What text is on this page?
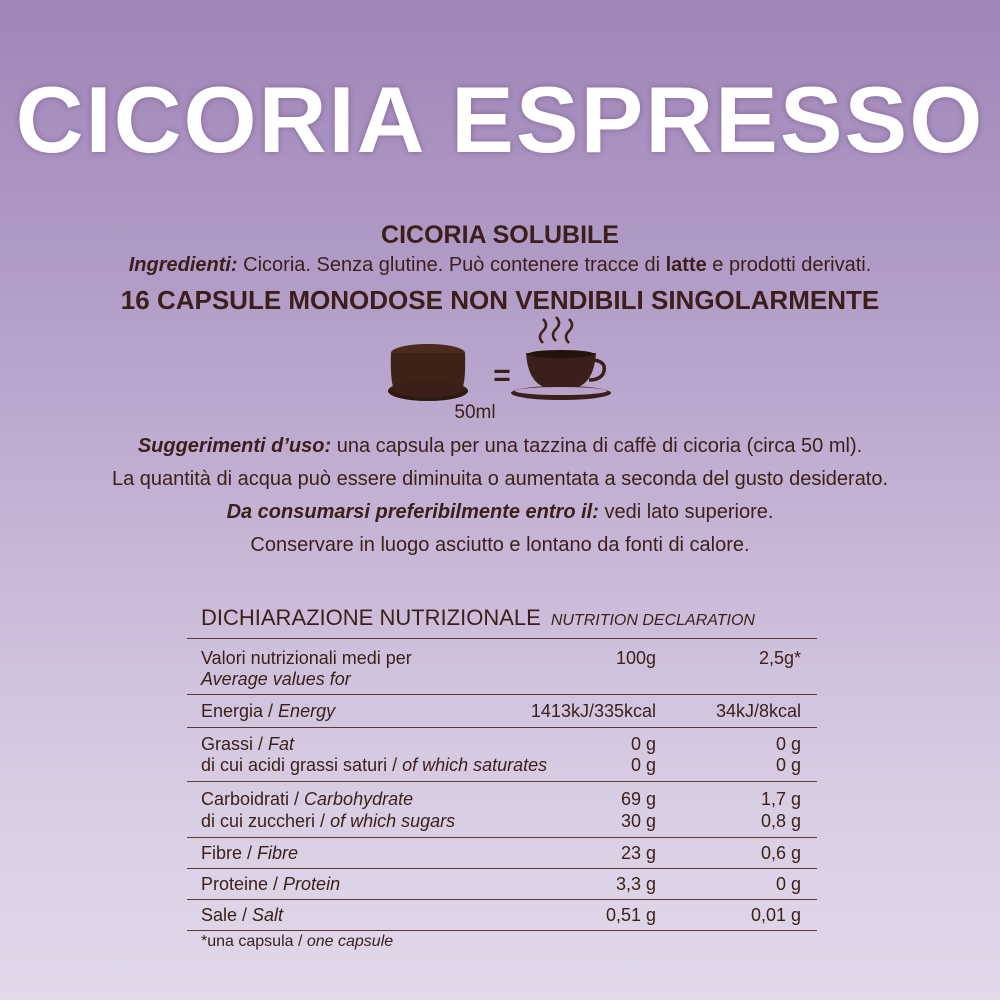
CICORIA ESPRESSO
CICORIA SOLUBILE
Ingredienti: Cicoria. Senza glutine. Può contenere tracce di latte e prodotti derivati.
16 CAPSULE MONODOSE NON VENDIBILI SINGOLARMENTE
=
50ml
Suggerimenti d’uso: una capsula per una tazzina di caffè di cicoria (circa 50 ml).
La quantità di acqua può essere diminuita o aumentata a seconda del gusto desiderato.
Da consumarsi preferibilmente entro il: vedi lato superiore.
Conservare in luogo asciutto e lontano da fonti di calore.
DICHIARAZIONE NUTRIZIONALE NUTRITION DECLARATION
Valori nutrizionali medi per
Average values for
100g	2,5g*
Energia / Energy	1413kJ/335kcal	34kJ/8kcal
Grassi / Fat	0 g	0 g
di cui acidi grassi saturi / of which saturates	0 g	0 g
Carboidrati / Carbohydrate	69 g	1,7 g
di cui zuccheri / of which sugars	30 g	0,8 g
Fibre / Fibre	23 g	0,6 g
Proteine / Protein	3,3 g	0 g
Sale / Salt	0,51 g	0,01 g
*una capsula / one capsule
